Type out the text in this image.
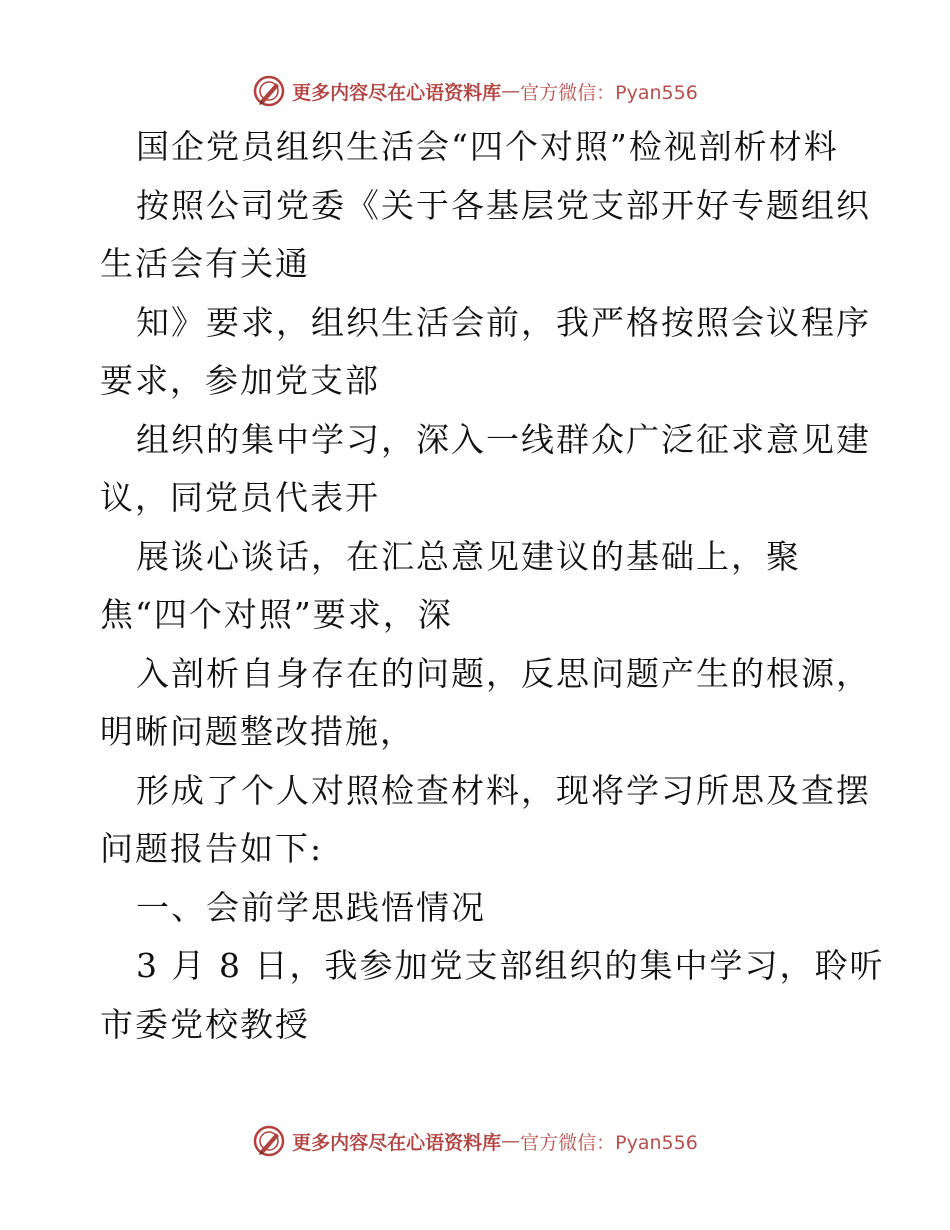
更多内容尽在心语资料库 — 官方微信：Pyan556

国企党员组织生活会“四个对照”检视剖析材料

按照公司党委《关于各基层党支部开好专题组织

生活会有关通

知》要求，组织生活会前，我严格按照会议程序

要求，参加党支部

组织的集中学习，深入一线群众广泛征求意见建

议，同党员代表开

展谈心谈话，在汇总意见建议的基础上，聚

焦“四个对照”要求，深

入剖析自身存在的问题，反思问题产生的根源，

明晰问题整改措施，

形成了个人对照检查材料，现将学习所思及查摆

问题报告如下:

一、会前学思践悟情况

3 月 8 日，我参加党支部组织的集中学习，聆听

市委党校教授

更多内容尽在心语资料库 — 官方微信：Pyan556
